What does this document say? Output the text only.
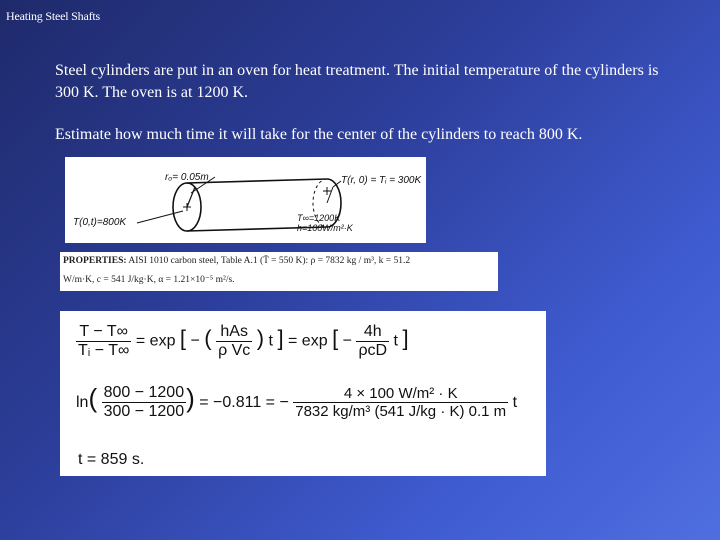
Heating Steel Shafts
Steel cylinders are put in an oven for heat treatment. The initial temperature of the cylinders is 300 K. The oven is at 1200 K.
Estimate how much time it will take for the center of the cylinders to reach 800 K.
rₒ= 0.05m	T(r, 0) = Tᵢ = 300K
T(0,t)=800K	T∞=1200K
h=100W/m²·K
PROPERTIES: AISI 1010 carbon steel, Table A.1 (T̄ = 550 K): ρ = 7832 kg / m³, k = 51.2
W/m·K, c = 541 J/kg·K, α = 1.21×10⁻⁵ m²/s.
$\frac{T - T\infty}{\text{Tᵢ − T∞}} = \exp$ [ − ( $\frac{\text{hAs}}{\text{ρ Vc}}$ ) t ] = exp [ − $\frac{4h}{\text{ρcD}}$ t ]
$\ln( \frac{800 - 1200}{300 - 1200}$ ) = −0.811 = − $\frac{\text{4 × 100 W/m² · K}}{\text{7832 kg/m³ (541 J/kg · K) 0.1 m}}$ t
t = 859 s.
